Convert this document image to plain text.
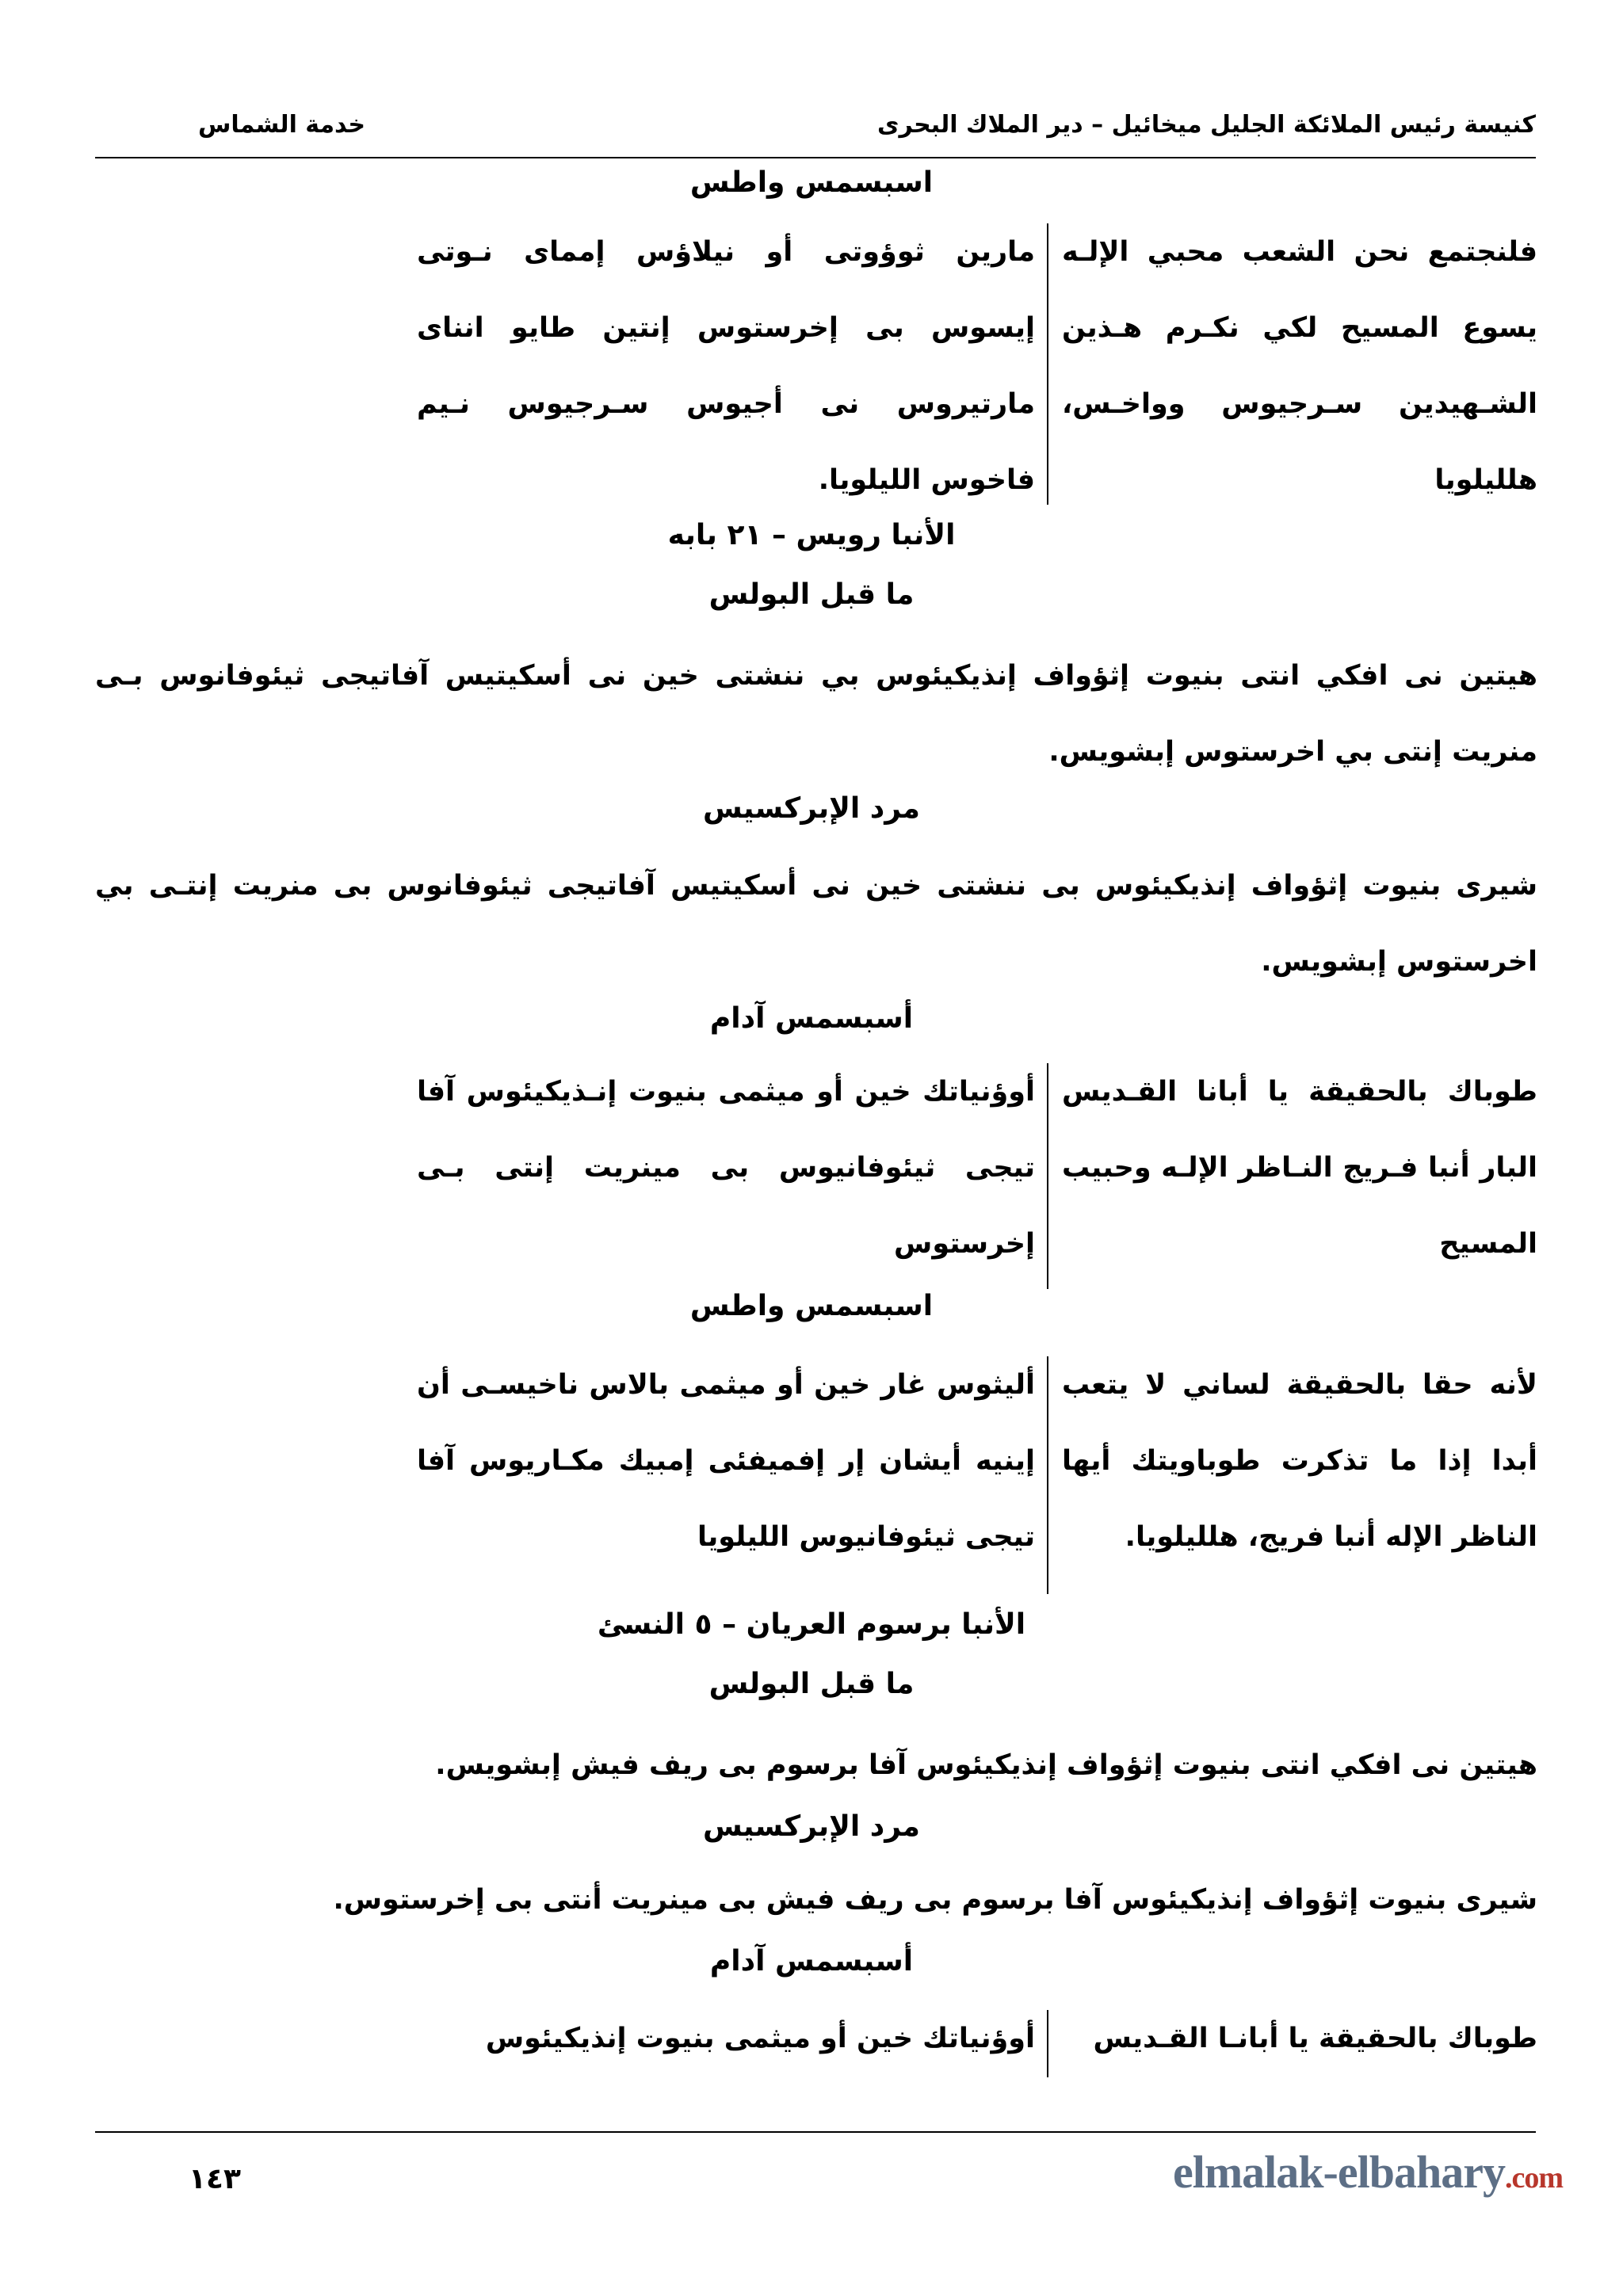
كنيسة رئيس الملائكة الجليل ميخائيل – دير الملاك البحرى
خدمة الشماس
اسبسمس واطس
فلنجتمع نحن الشعب محبي الإلـه يسوع المسيح لكي نكـرم هـذين الشـهيدين سـرجيوس وواخـس، هلليلويا
مارين ثوؤوتى أو نيلاؤس إمماى نـوتى إيسوس بى إخرستوس إنتين طايو انناى مارتيروس نى أجيوس سـرجيوس نـيم فاخوس الليلويا.
الأنبا رويس – ٢١ بابه
ما قبل البولس
هيتين نى افكي انتى بنيوت إثؤواف إنذيكيئوس بي ننشتى خين نى أسكيتيس آفاتيجى ثيئوفانوس بـى منريت إنتى بي اخرستوس إبشويس.
مرد الإبركسيس
شيرى بنيوت إثؤواف إنذيكيئوس بى ننشتى خين نى أسكيتيس آفاتيجى ثيئوفانوس بى منريت إنتـى بي اخرستوس إبشويس.
أسبسمس آدام
طوباك بالحقيقة يا أبانا القـديس البار أنبا فـريج النـاظر الإلـه وحبيب المسيح
أوؤنياتك خين أو ميثمى بنيوت إنـذيكيئوس آفا تيجى ثيئوفانيوس بى مينريت إنتى بـى إخرستوس
اسبسمس واطس
لأنه حقا بالحقيقة لساني لا يتعب أبدا إذا ما تذكرت طوباويتك أيها الناظر الإله أنبا فريج، هلليلويا.
أليثوس غار خين أو ميثمى بالاس ناخيسـى أن إينيه أيشان إر إفميفئى إمبيك مكـاريوس آفا تيجى ثيئوفانيوس الليلويا
الأنبا برسوم العريان – ٥ النسئ
ما قبل البولس
هيتين نى افكي انتى بنيوت إثؤواف إنذيكيئوس آفا برسوم بى ريف فيش إبشويس.
مرد الإبركسيس
شيرى بنيوت إثؤواف إنذيكيئوس آفا برسوم بى ريف فيش بى مينريت أنتى بى إخرستوس.
أسبسمس آدام
طوباك بالحقيقة يا أبانـا القـديس
أوؤنياتك خين أو ميثمى بنيوت إنذيكيئوس
١٤٣	elmalak-elbahary.com
